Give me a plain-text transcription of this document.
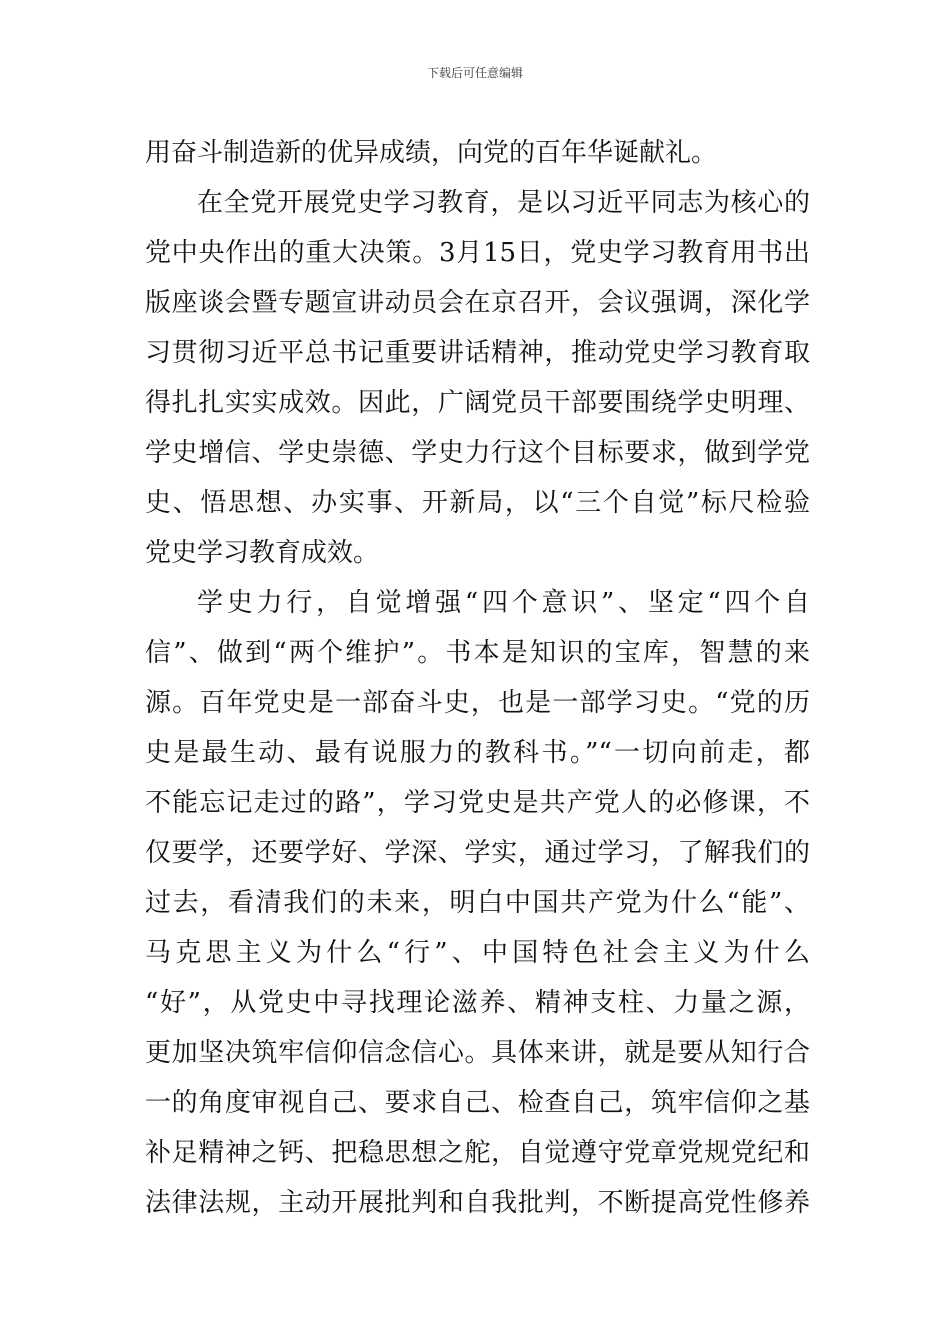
下载后可任意编辑
用奋斗制造新的优异成绩，向党的百年华诞献礼。
在全党开展党史学习教育，是以习近平同志为核心的
党中央作出的重大决策。3月15日，党史学习教育用书出
版座谈会暨专题宣讲动员会在京召开，会议强调，深化学
习贯彻习近平总书记重要讲话精神，推动党史学习教育取
得扎扎实实成效。因此，广阔党员干部要围绕学史明理、
学史增信、学史崇德、学史力行这个目标要求，做到学党
史、悟思想、办实事、开新局，以“三个自觉”标尺检验
党史学习教育成效。
学史力行，自觉增强“四个意识”、坚定“四个自
信”、做到“两个维护”。书本是知识的宝库，智慧的来
源。百年党史是一部奋斗史，也是一部学习史。“党的历
史是最生动、最有说服力的教科书。”“一切向前走，都
不能忘记走过的路”，学习党史是共产党人的必修课，不
仅要学，还要学好、学深、学实，通过学习，了解我们的
过去，看清我们的未来，明白中国共产党为什么“能”、
马克思主义为什么“行”、中国特色社会主义为什么
“好”，从党史中寻找理论滋养、精神支柱、力量之源，
更加坚决筑牢信仰信念信心。具体来讲，就是要从知行合
一的角度审视自己、要求自己、检查自己，筑牢信仰之基
补足精神之钙、把稳思想之舵，自觉遵守党章党规党纪和
法律法规，主动开展批判和自我批判，不断提高党性修养
